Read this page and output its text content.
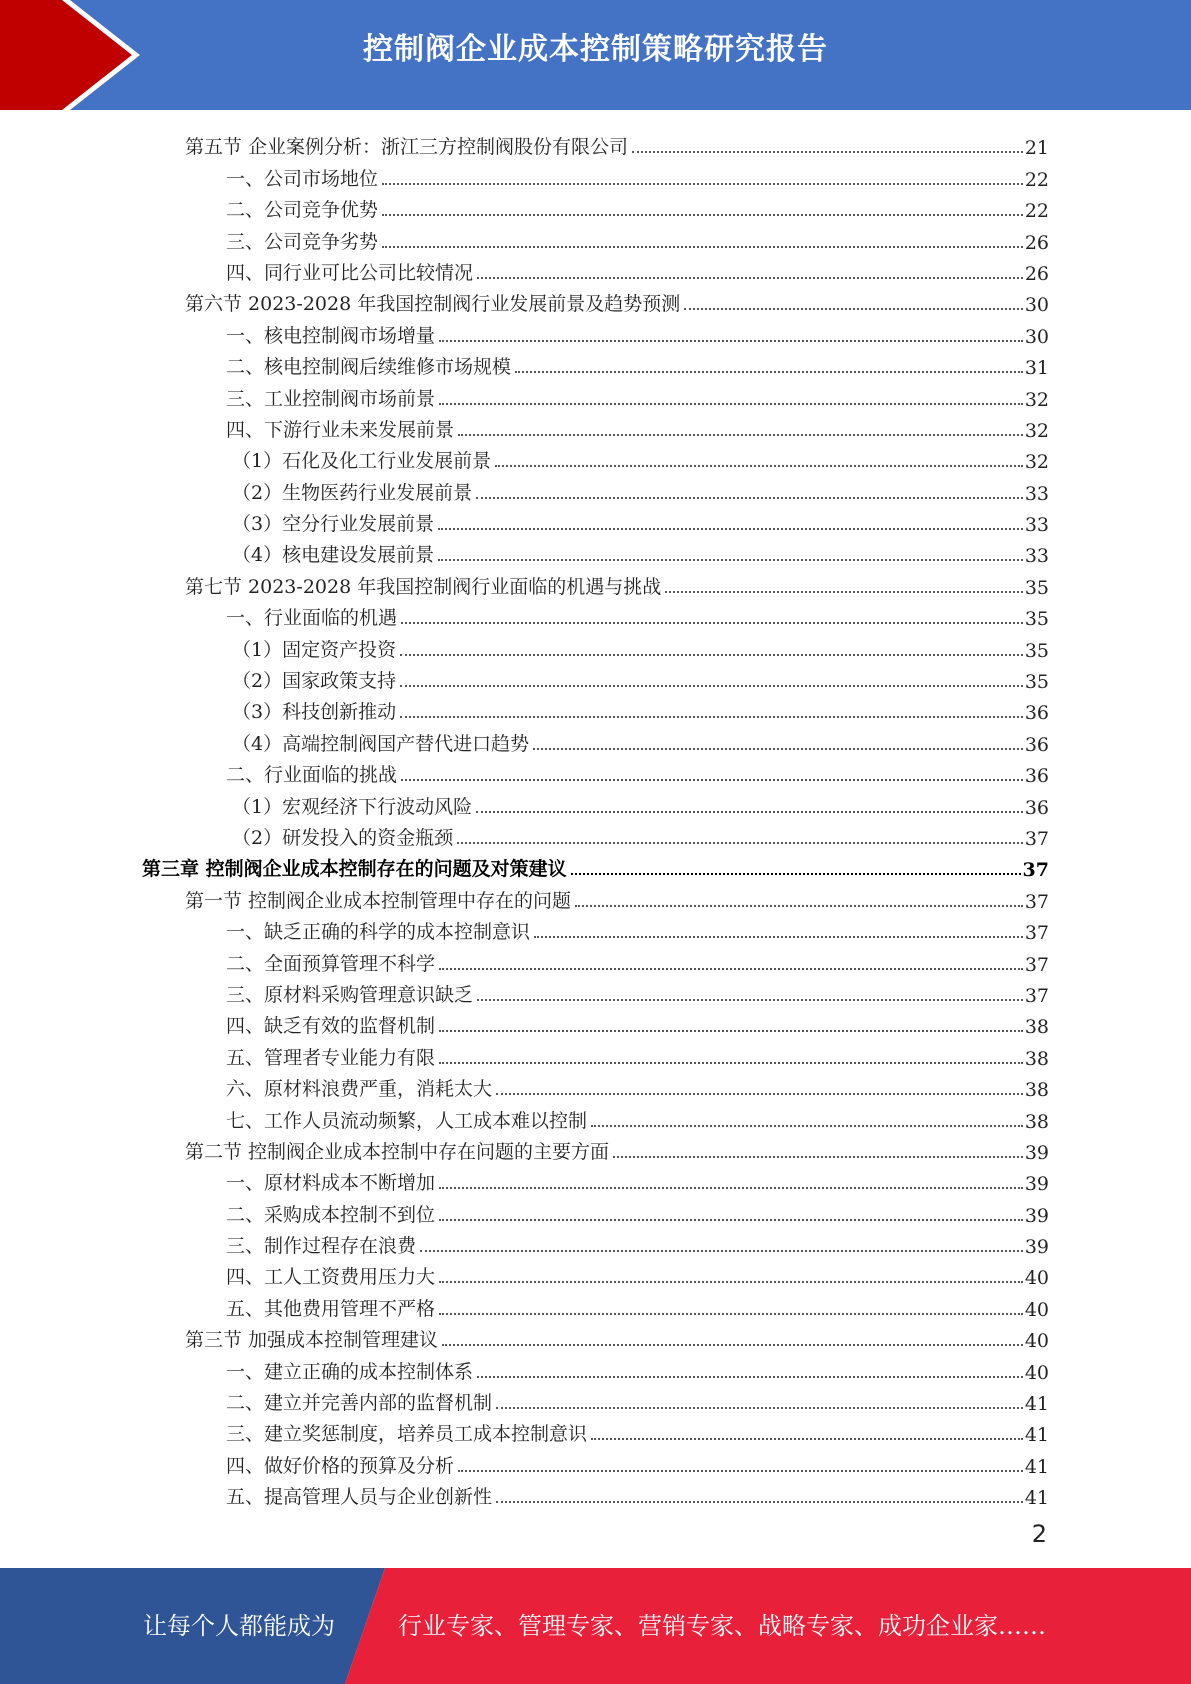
控制阀企业成本控制策略研究报告
第五节 企业案例分析：浙江三方控制阀股份有限公司	21
一、公司市场地位	22
二、公司竞争优势	22
三、公司竞争劣势	26
四、同行业可比公司比较情况	26
第六节 2023-2028 年我国控制阀行业发展前景及趋势预测	30
一、核电控制阀市场增量	30
二、核电控制阀后续维修市场规模	31
三、工业控制阀市场前景	32
四、下游行业未来发展前景	32
（1）石化及化工行业发展前景	32
（2）生物医药行业发展前景	33
（3）空分行业发展前景	33
（4）核电建设发展前景	33
第七节 2023-2028 年我国控制阀行业面临的机遇与挑战	35
一、行业面临的机遇	35
（1）固定资产投资	35
（2）国家政策支持	35
（3）科技创新推动	36
（4）高端控制阀国产替代进口趋势	36
二、行业面临的挑战	36
（1）宏观经济下行波动风险	36
（2）研发投入的资金瓶颈	37
第三章 控制阀企业成本控制存在的问题及对策建议	37
第一节 控制阀企业成本控制管理中存在的问题	37
一、缺乏正确的科学的成本控制意识	37
二、全面预算管理不科学	37
三、原材料采购管理意识缺乏	37
四、缺乏有效的监督机制	38
五、管理者专业能力有限	38
六、原材料浪费严重，消耗太大	38
七、工作人员流动频繁，人工成本难以控制	38
第二节 控制阀企业成本控制中存在问题的主要方面	39
一、原材料成本不断增加	39
二、采购成本控制不到位	39
三、制作过程存在浪费	39
四、工人工资费用压力大	40
五、其他费用管理不严格	40
第三节 加强成本控制管理建议	40
一、建立正确的成本控制体系	40
二、建立并完善内部的监督机制	41
三、建立奖惩制度，培养员工成本控制意识	41
四、做好价格的预算及分析	41
五、提高管理人员与企业创新性	41
2
让每个人都能成为	行业专家、管理专家、营销专家、战略专家、成功企业家……
